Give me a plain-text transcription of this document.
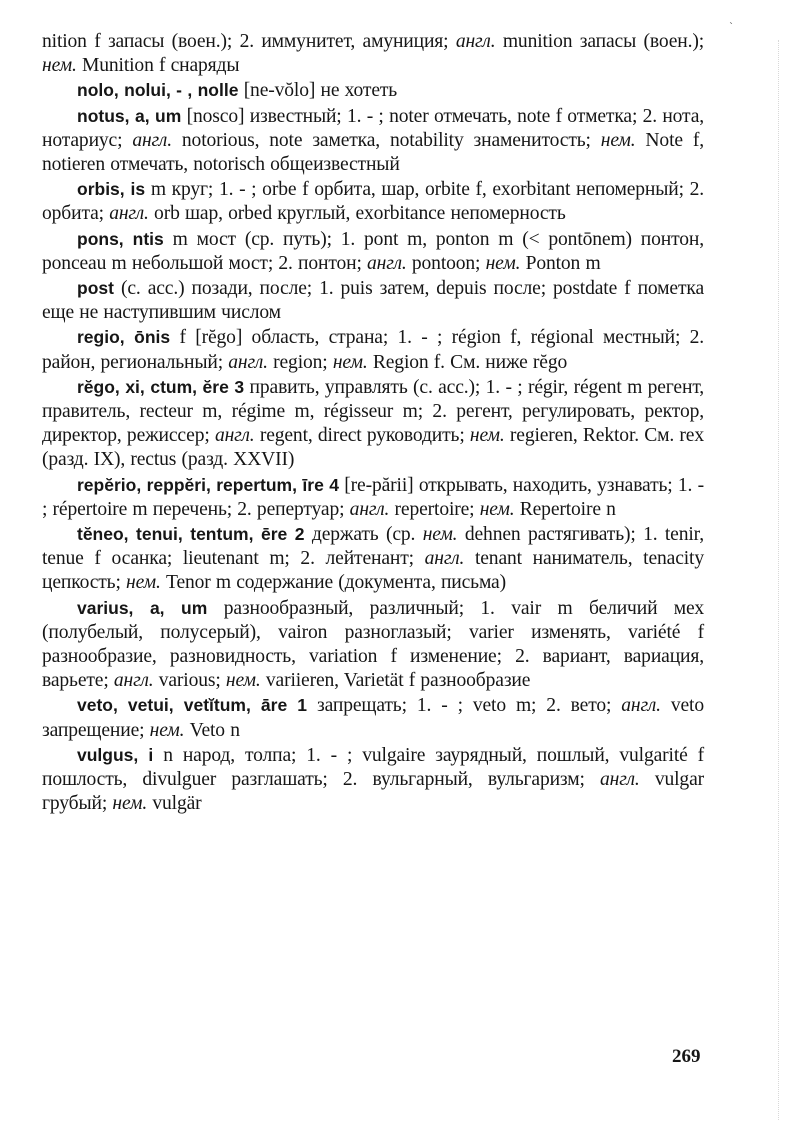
`

nition f запасы (воен.); 2. иммунитет, амуниция; англ. munition запасы (воен.); нем. Munition f снаряды

nolo, nolui, - , nolle [ne-vŏlo] не хотеть

notus, a, um [nosco] известный; 1. - ; noter отмечать, note f отметка; 2. нота, нотариус; англ. notorious, note заметка, notability знаменитость; нем. Note f, notieren отмечать, notorisch общеизвестный

orbis, is m круг; 1. - ; orbe f орбита, шар, orbite f, exorbitant непомерный; 2. орбита; англ. orb шар, orbed круглый, exorbitance непомерность

pons, ntis m мост (ср. путь); 1. pont m, ponton m (< pontōnem) понтон, ponceau m небольшой мост; 2. понтон; англ. pontoon; нем. Ponton m

post (с. acc.) позади, после; 1. puis затем, depuis после; postdate f пометка еще не наступившим числом

regio, ōnis f [rĕgo] область, страна; 1. - ; région f, régional местный; 2. район, региональный; англ. region; нем. Region f. См. ниже rĕgo

rĕgo, xi, ctum, ĕre 3 править, управлять (с. acc.); 1. - ; régir, régent m регент, правитель, recteur m, régime m, régisseur m; 2. регент, регулировать, ректор, директор, режиссер; англ. regent, direct руководить; нем. regieren, Rektor. См. rex (разд. IX), rectus (разд. XXVII)

repĕrio, reppĕri, repertum, īre 4 [re-pării] открывать, находить, узнавать; 1. - ; répertoire m перечень; 2. репертуар; англ. repertoire; нем. Repertoire n

tĕneo, tenui, tentum, ēre 2 держать (ср. нем. dehnen растягивать); 1. tenir, tenue f осанка; lieutenant m; 2. лейтенант; англ. tenant наниматель, tenacity цепкость; нем. Tenor m содержание (документа, письма)

varius, a, um разнообразный, различный; 1. vair m беличий мех (полубелый, полусерый), vairon разноглазый; varier изменять, variété f разнообразие, разновидность, variation f изменение; 2. вариант, вариация, варьете; англ. various; нем. variieren, Varietät f разнообразие

veto, vetui, vetĭtum, āre 1 запрещать; 1. - ; veto m; 2. вето; англ. veto запрещение; нем. Veto n

vulgus, i n народ, толпа; 1. - ; vulgaire заурядный, пошлый, vulgarité f пошлость, divulguer разглашать; 2. вульгарный, вульгаризм; англ. vulgar грубый; нем. vulgär

269
